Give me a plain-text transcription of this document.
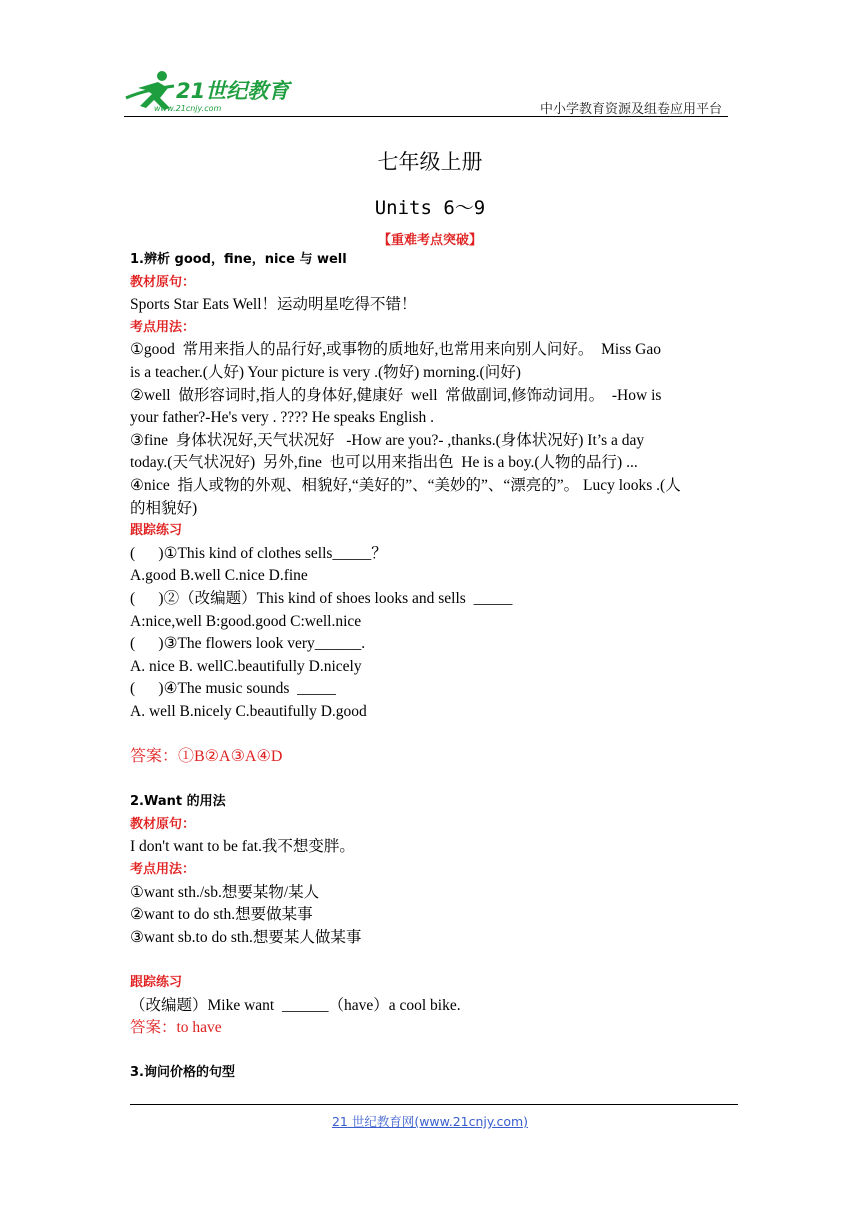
21世纪教育
www.21cnjy.com	中小学教育资源及组卷应用平台
七年级上册
Units 6～9
【重难考点突破】
1.辨析 good，fine，nice 与 well
教材原句：
Sports Star Eats Well！运动明星吃得不错！
考点用法：
①good  常用来指人的品行好,或事物的质地好,也常用来向别人问好。  Miss Gao
is a teacher.(人好) Your picture is very .(物好) morning.(问好)
②well  做形容词时,指人的身体好,健康好  well  常做副词,修饰动词用。  -How is
your father?-He's very . ???? He speaks English .
③fine  身体状况好,天气状况好   -How are you?- ,thanks.(身体状况好) It’s a day
today.(天气状况好)  另外,fine  也可以用来指出色  He is a boy.(人物的品行) ...
④nice  指人或物的外观、相貌好,“美好的”、“美妙的”、“漂亮的”。 Lucy looks .(人
的相貌好)
跟踪练习
(      )①This kind of clothes sells_____？
A.good B.well C.nice D.fine
(      )②（改编题）This kind of shoes looks and sells  _____
A:nice,well B:good.good C:well.nice
(      )③The flowers look very______.
A. nice B. wellC.beautifully D.nicely
(      )④The music sounds  _____
A. well B.nicely C.beautifully D.good
答案：①B②A③A④D
2.Want 的用法
教材原句：
I don't want to be fat.我不想变胖。
考点用法：
①want sth./sb.想要某物/某人
②want to do sth.想要做某事
③want sb.to do sth.想要某人做某事
跟踪练习
（改编题）Mike want  ______（have）a cool bike.
答案：to have
3.询问价格的句型
21 世纪教育网(www.21cnjy.com)
